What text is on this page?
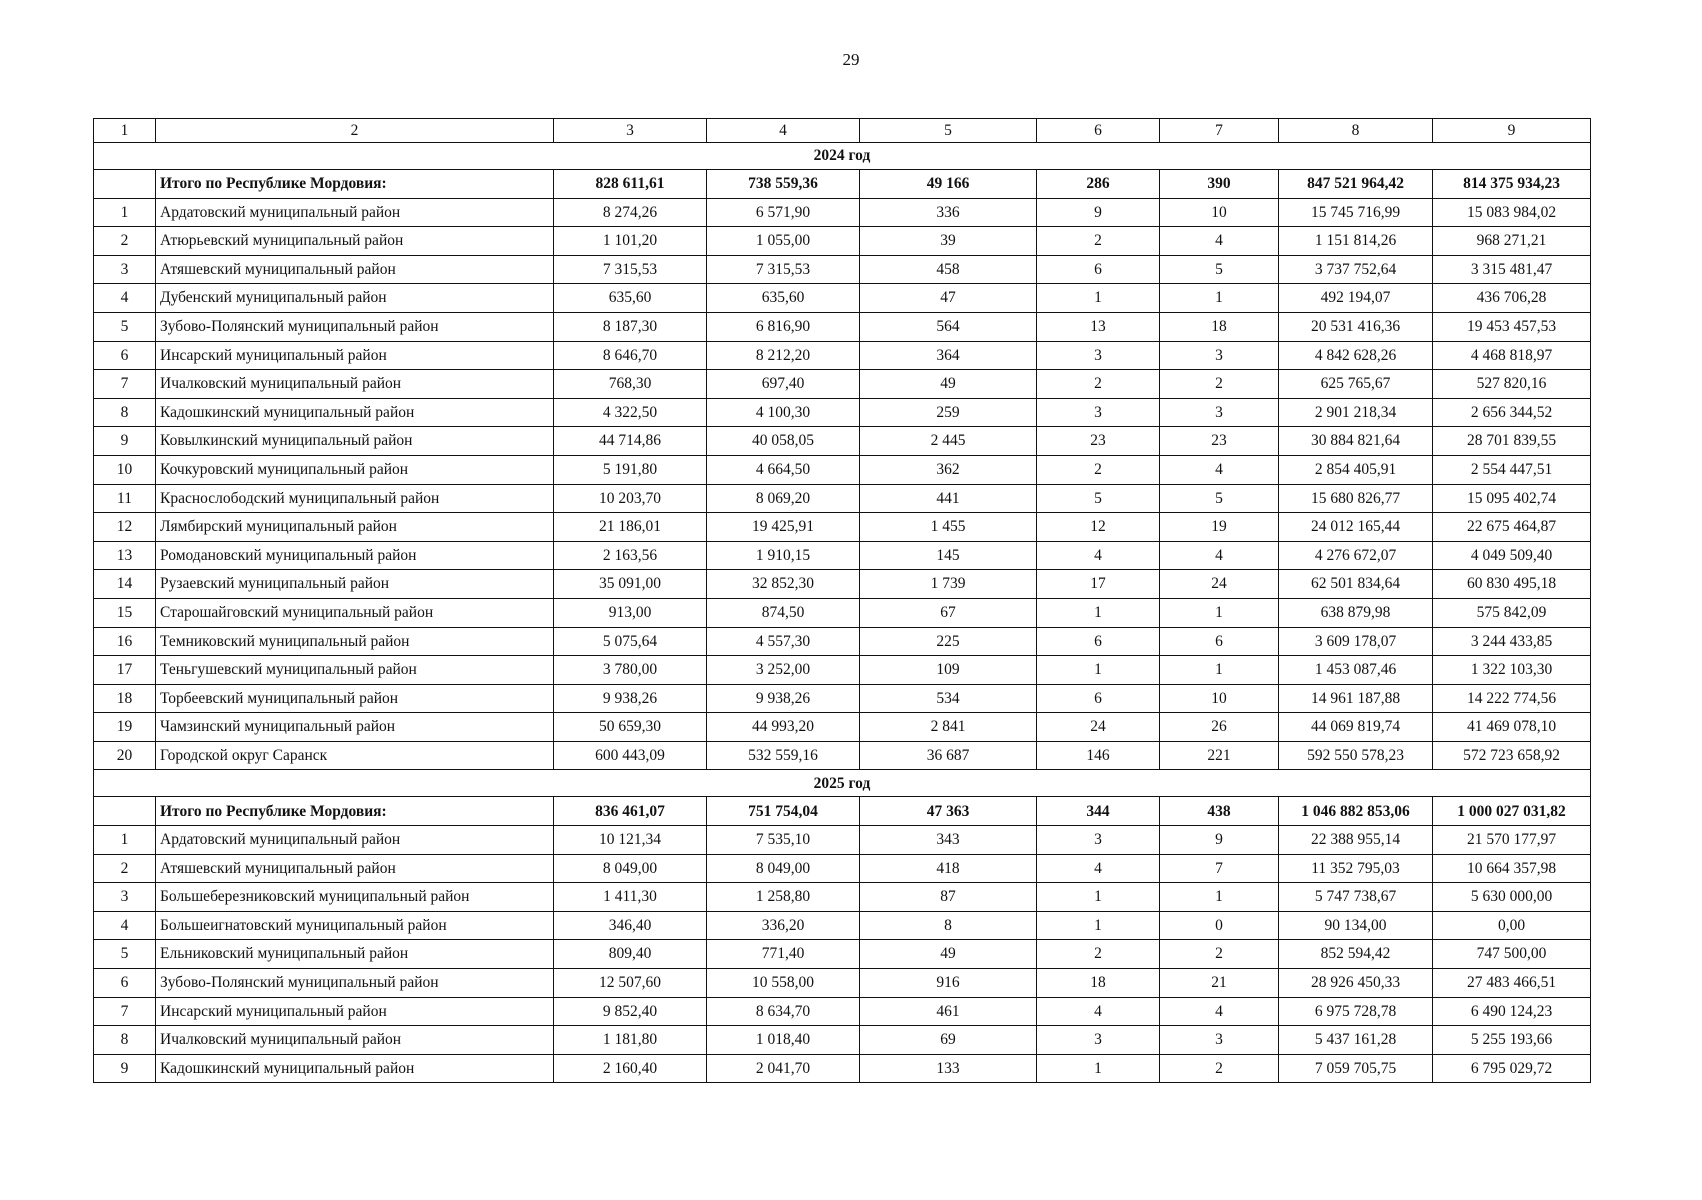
29
1	2	3	4	5	6	7	8	9
2024 год								
	Итого по Республике Мордовия:	828 611,61	738 559,36	49 166	286	390	847 521 964,42	814 375 934,23
1	Ардатовский муниципальный район	8 274,26	6 571,90	336	9	10	15 745 716,99	15 083 984,02
2	Атюрьевский муниципальный район	1 101,20	1 055,00	39	2	4	1 151 814,26	968 271,21
3	Атяшевский муниципальный район	7 315,53	7 315,53	458	6	5	3 737 752,64	3 315 481,47
4	Дубенский муниципальный район	635,60	635,60	47	1	1	492 194,07	436 706,28
5	Зубово-Полянский муниципальный район	8 187,30	6 816,90	564	13	18	20 531 416,36	19 453 457,53
6	Инсарский муниципальный район	8 646,70	8 212,20	364	3	3	4 842 628,26	4 468 818,97
7	Ичалковский муниципальный район	768,30	697,40	49	2	2	625 765,67	527 820,16
8	Кадошкинский муниципальный район	4 322,50	4 100,30	259	3	3	2 901 218,34	2 656 344,52
9	Ковылкинский муниципальный район	44 714,86	40 058,05	2 445	23	23	30 884 821,64	28 701 839,55
10	Кочкуровский муниципальный район	5 191,80	4 664,50	362	2	4	2 854 405,91	2 554 447,51
11	Краснослободский муниципальный район	10 203,70	8 069,20	441	5	5	15 680 826,77	15 095 402,74
12	Лямбирский муниципальный район	21 186,01	19 425,91	1 455	12	19	24 012 165,44	22 675 464,87
13	Ромодановский муниципальный район	2 163,56	1 910,15	145	4	4	4 276 672,07	4 049 509,40
14	Рузаевский муниципальный район	35 091,00	32 852,30	1 739	17	24	62 501 834,64	60 830 495,18
15	Старошайговский муниципальный район	913,00	874,50	67	1	1	638 879,98	575 842,09
16	Темниковский муниципальный район	5 075,64	4 557,30	225	6	6	3 609 178,07	3 244 433,85
17	Теньгушевский муниципальный район	3 780,00	3 252,00	109	1	1	1 453 087,46	1 322 103,30
18	Торбеевский муниципальный район	9 938,26	9 938,26	534	6	10	14 961 187,88	14 222 774,56
19	Чамзинский муниципальный район	50 659,30	44 993,20	2 841	24	26	44 069 819,74	41 469 078,10
20	Городской округ Саранск	600 443,09	532 559,16	36 687	146	221	592 550 578,23	572 723 658,92
2025 год								
	Итого по Республике Мордовия:	836 461,07	751 754,04	47 363	344	438	1 046 882 853,06	1 000 027 031,82
1	Ардатовский муниципальный район	10 121,34	7 535,10	343	3	9	22 388 955,14	21 570 177,97
2	Атяшевский муниципальный район	8 049,00	8 049,00	418	4	7	11 352 795,03	10 664 357,98
3	Большеберезниковский муниципальный район	1 411,30	1 258,80	87	1	1	5 747 738,67	5 630 000,00
4	Большеигнатовский муниципальный район	346,40	336,20	8	1	0	90 134,00	0,00
5	Ельниковский муниципальный район	809,40	771,40	49	2	2	852 594,42	747 500,00
6	Зубово-Полянский муниципальный район	12 507,60	10 558,00	916	18	21	28 926 450,33	27 483 466,51
7	Инсарский муниципальный район	9 852,40	8 634,70	461	4	4	6 975 728,78	6 490 124,23
8	Ичалковский муниципальный район	1 181,80	1 018,40	69	3	3	5 437 161,28	5 255 193,66
9	Кадошкинский муниципальный район	2 160,40	2 041,70	133	1	2	7 059 705,75	6 795 029,72
